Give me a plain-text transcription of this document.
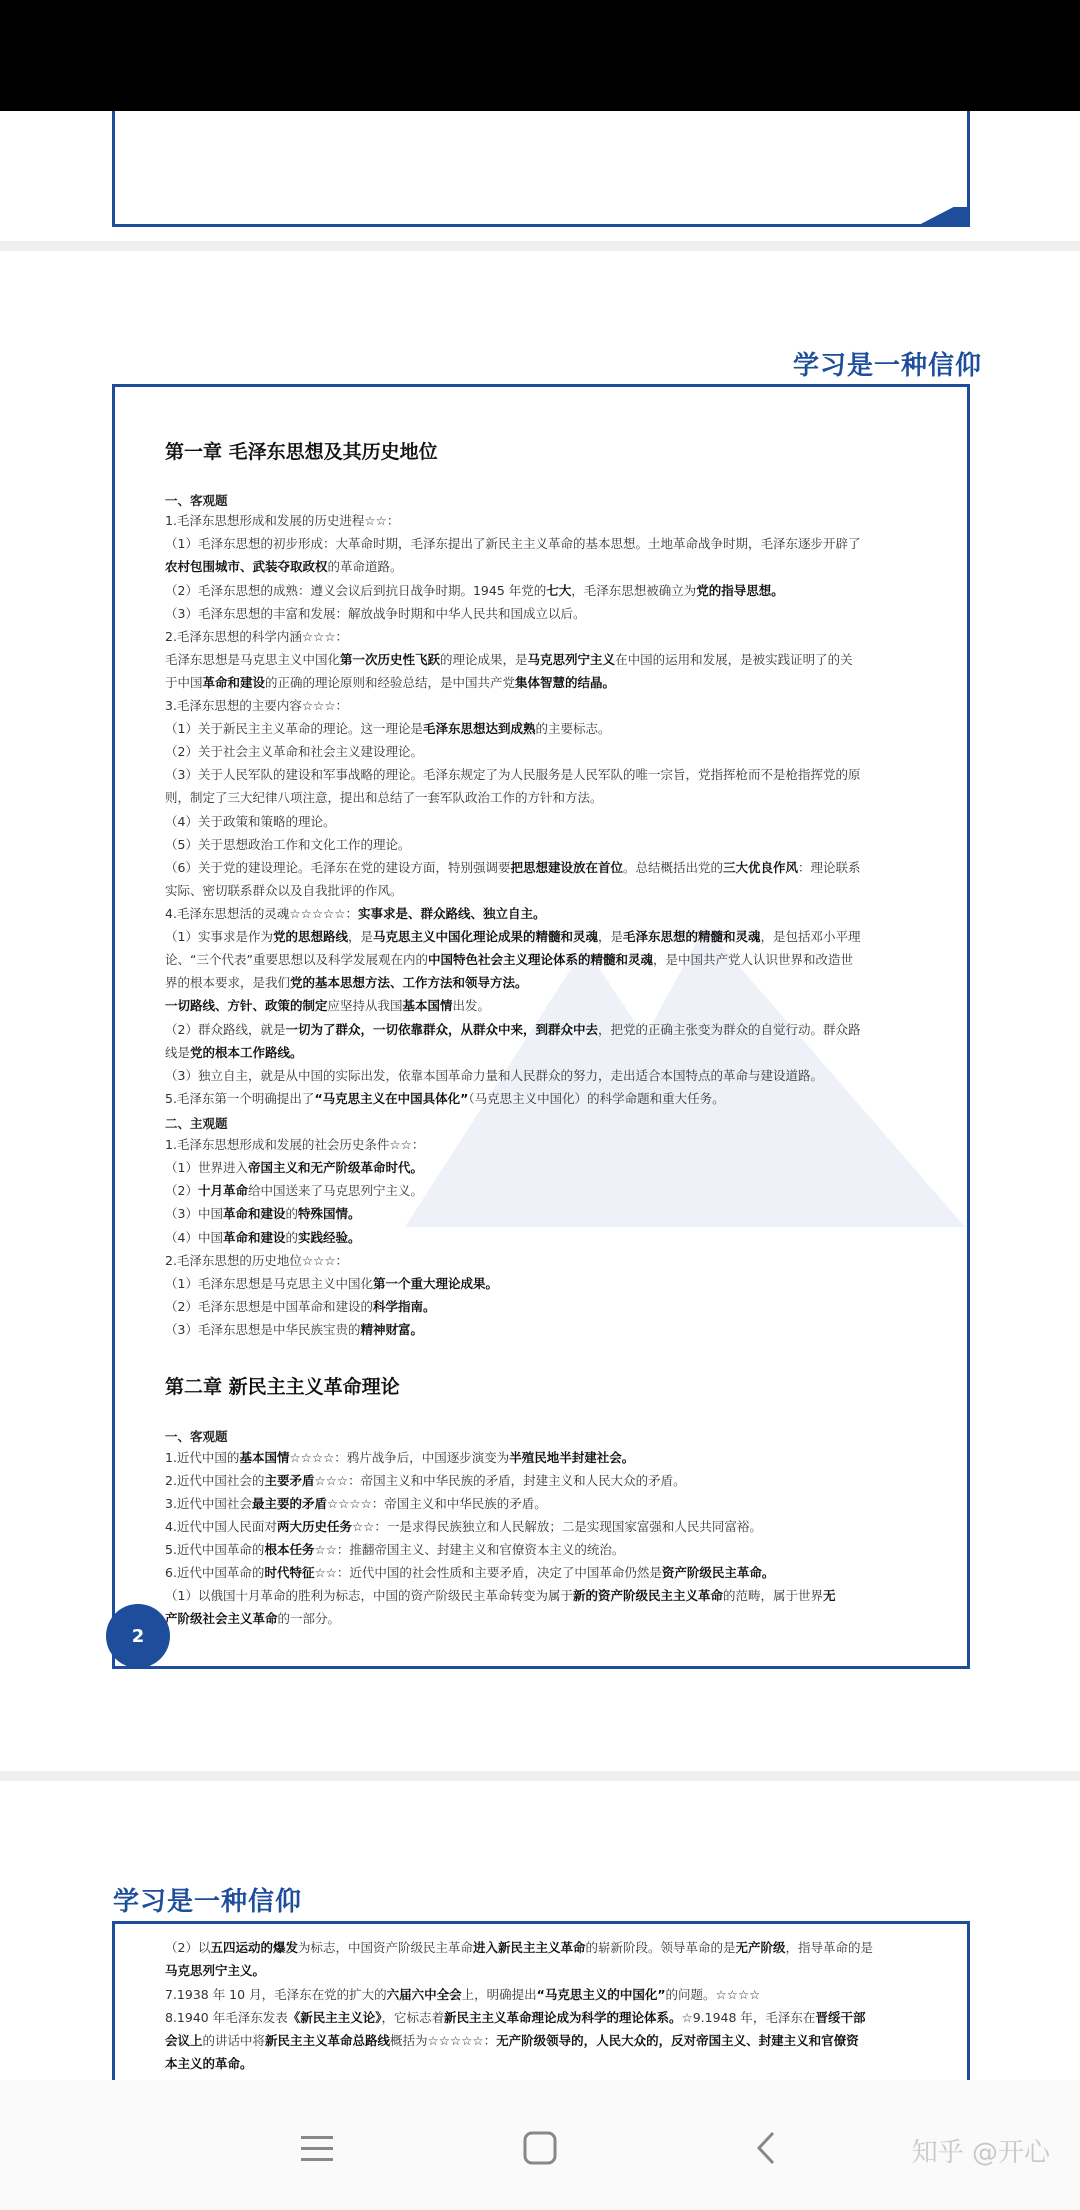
学习是一种信仰
第一章 毛泽东思想及其历史地位
一、客观题
1.毛泽东思想形成和发展的历史进程☆☆：
（1）毛泽东思想的初步形成：大革命时期，毛泽东提出了新民主主义革命的基本思想。土地革命战争时期，毛泽东逐步开辟了
农村包围城市、武装夺取政权的革命道路。
（2）毛泽东思想的成熟：遵义会议后到抗日战争时期。1945 年党的七大，毛泽东思想被确立为党的指导思想。
（3）毛泽东思想的丰富和发展：解放战争时期和中华人民共和国成立以后。
2.毛泽东思想的科学内涵☆☆☆：
毛泽东思想是马克思主义中国化第一次历史性飞跃的理论成果，是马克思列宁主义在中国的运用和发展，是被实践证明了的关
于中国革命和建设的正确的理论原则和经验总结，是中国共产党集体智慧的结晶。
3.毛泽东思想的主要内容☆☆☆：
（1）关于新民主主义革命的理论。这一理论是毛泽东思想达到成熟的主要标志。
（2）关于社会主义革命和社会主义建设理论。
（3）关于人民军队的建设和军事战略的理论。毛泽东规定了为人民服务是人民军队的唯一宗旨，党指挥枪而不是枪指挥党的原
则，制定了三大纪律八项注意，提出和总结了一套军队政治工作的方针和方法。
（4）关于政策和策略的理论。
（5）关于思想政治工作和文化工作的理论。
（6）关于党的建设理论。毛泽东在党的建设方面，特别强调要把思想建设放在首位。总结概括出党的三大优良作风：理论联系
实际、密切联系群众以及自我批评的作风。
4.毛泽东思想活的灵魂☆☆☆☆☆：实事求是、群众路线、独立自主。
（1）实事求是作为党的思想路线，是马克思主义中国化理论成果的精髓和灵魂，是毛泽东思想的精髓和灵魂，是包括邓小平理
论、“三个代表”重要思想以及科学发展观在内的中国特色社会主义理论体系的精髓和灵魂，是中国共产党人认识世界和改造世
界的根本要求，是我们党的基本思想方法、工作方法和领导方法。
一切路线、方针、政策的制定应坚持从我国基本国情出发。
（2）群众路线，就是一切为了群众，一切依靠群众，从群众中来，到群众中去，把党的正确主张变为群众的自觉行动。群众路
线是党的根本工作路线。
（3）独立自主，就是从中国的实际出发，依靠本国革命力量和人民群众的努力，走出适合本国特点的革命与建设道路。
5.毛泽东第一个明确提出了“马克思主义在中国具体化”（马克思主义中国化）的科学命题和重大任务。
二、主观题
1.毛泽东思想形成和发展的社会历史条件☆☆：
（1）世界进入帝国主义和无产阶级革命时代。
（2）十月革命给中国送来了马克思列宁主义。
（3）中国革命和建设的特殊国情。
（4）中国革命和建设的实践经验。
2.毛泽东思想的历史地位☆☆☆：
（1）毛泽东思想是马克思主义中国化第一个重大理论成果。
（2）毛泽东思想是中国革命和建设的科学指南。
（3）毛泽东思想是中华民族宝贵的精神财富。
第二章 新民主主义革命理论
一、客观题
1.近代中国的基本国情☆☆☆☆：鸦片战争后，中国逐步演变为半殖民地半封建社会。
2.近代中国社会的主要矛盾☆☆☆：帝国主义和中华民族的矛盾，封建主义和人民大众的矛盾。
3.近代中国社会最主要的矛盾☆☆☆☆：帝国主义和中华民族的矛盾。
4.近代中国人民面对两大历史任务☆☆：一是求得民族独立和人民解放；二是实现国家富强和人民共同富裕。
5.近代中国革命的根本任务☆☆：推翻帝国主义、封建主义和官僚资本主义的统治。
6.近代中国革命的时代特征☆☆：近代中国的社会性质和主要矛盾，决定了中国革命仍然是资产阶级民主革命。
（1）以俄国十月革命的胜利为标志，中国的资产阶级民主革命转变为属于新的资产阶级民主主义革命的范畴，属于世界无
产阶级社会主义革命的一部分。
2
学习是一种信仰
（2）以五四运动的爆发为标志，中国资产阶级民主革命进入新民主主义革命的崭新阶段。领导革命的是无产阶级，指导革命的是
马克思列宁主义。
7.1938 年 10 月，毛泽东在党的扩大的六届六中全会上，明确提出“马克思主义的中国化”的问题。☆☆☆☆
8.1940 年毛泽东发表《新民主主义论》，它标志着新民主主义革命理论成为科学的理论体系。☆9.1948 年，毛泽东在晋绥干部
会议上的讲话中将新民主主义革命总路线概括为☆☆☆☆☆：无产阶级领导的，人民大众的，反对帝国主义、封建主义和官僚资
本主义的革命。
知乎 @开心
